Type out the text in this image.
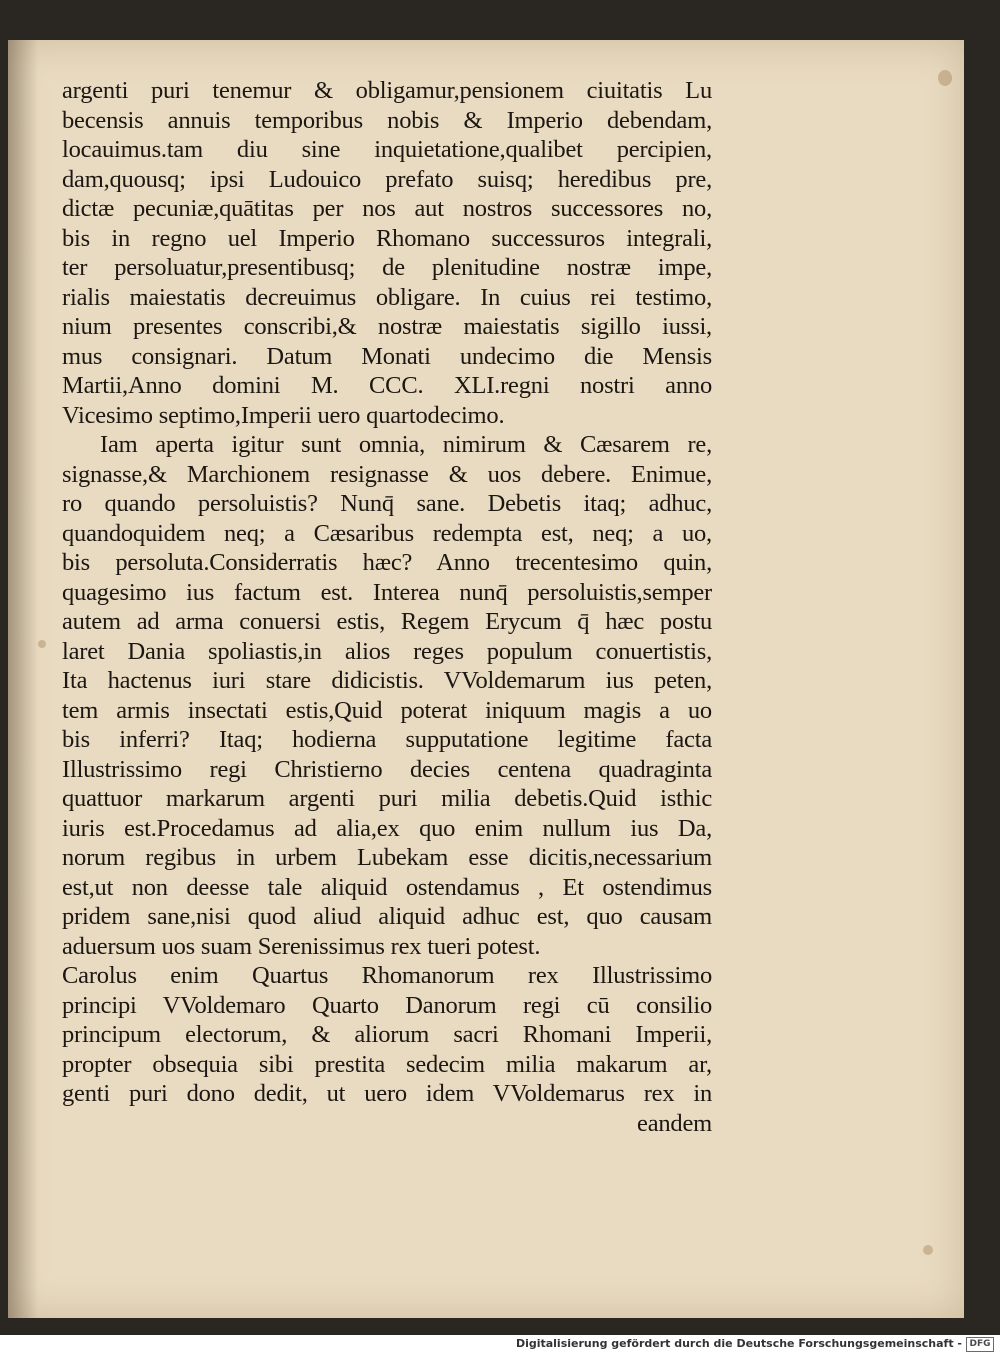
argenti puri tenemur & obligamur,pensionem ciuitatis Lu
becensis annuis temporibus nobis & Imperio debendam,
locauimus.tam diu sine inquietatione,qualibet percipien,
dam,quousq; ipsi Ludouico prefato suisq; heredibus pre,
dictæ pecuniæ,quātitas per nos aut nostros successores no,
bis in regno uel Imperio Rhomano successuros integrali,
ter persoluatur,presentibusq; de plenitudine nostræ impe,
rialis maiestatis decreuimus obligare. In cuius rei testimo,
nium presentes conscribi,& nostræ maiestatis sigillo iussi,
mus consignari. Datum Monati undecimo die Mensis
Martii,Anno domini M. CCC. XLI.regni nostri anno
Vicesimo septimo,Imperii uero quartodecimo.
Iam aperta igitur sunt omnia, nimirum & Cæsarem re,
signasse,& Marchionem resignasse & uos debere. Enimue,
ro quando persoluistis? Nunq̄ sane. Debetis itaq; adhuc,
quandoquidem neq; a Cæsaribus redempta est, neq; a uo,
bis persoluta.Considerratis hæc? Anno trecentesimo quin,
quagesimo ius factum est. Interea nunq̄ persoluistis,semper
autem ad arma conuersi estis, Regem Erycum q̄ hæc postu
laret Dania spoliastis,in alios reges populum conuertistis,
Ita hactenus iuri stare didicistis. VVoldemarum ius peten,
tem armis insectati estis,Quid poterat iniquum magis a uo
bis inferri? Itaq; hodierna supputatione legitime facta
Illustrissimo regi Christierno decies centena quadraginta
quattuor markarum argenti puri milia debetis.Quid isthic
iuris est.Procedamus ad alia,ex quo enim nullum ius Da,
norum regibus in urbem Lubekam esse dicitis,necessarium
est,ut non deesse tale aliquid ostendamus , Et ostendimus
pridem sane,nisi quod aliud aliquid adhuc est, quo causam
aduersum uos suam Serenissimus rex tueri potest.
Carolus enim Quartus Rhomanorum rex Illustrissimo
principi VVoldemaro Quarto Danorum regi cū consilio
principum electorum, & aliorum sacri Rhomani Imperii,
propter obsequia sibi prestita sedecim milia makarum ar,
genti puri dono dedit, ut uero idem VVoldemarus rex in
eandem
Digitalisierung gefördert durch die Deutsche Forschungsgemeinschaft - DFG
